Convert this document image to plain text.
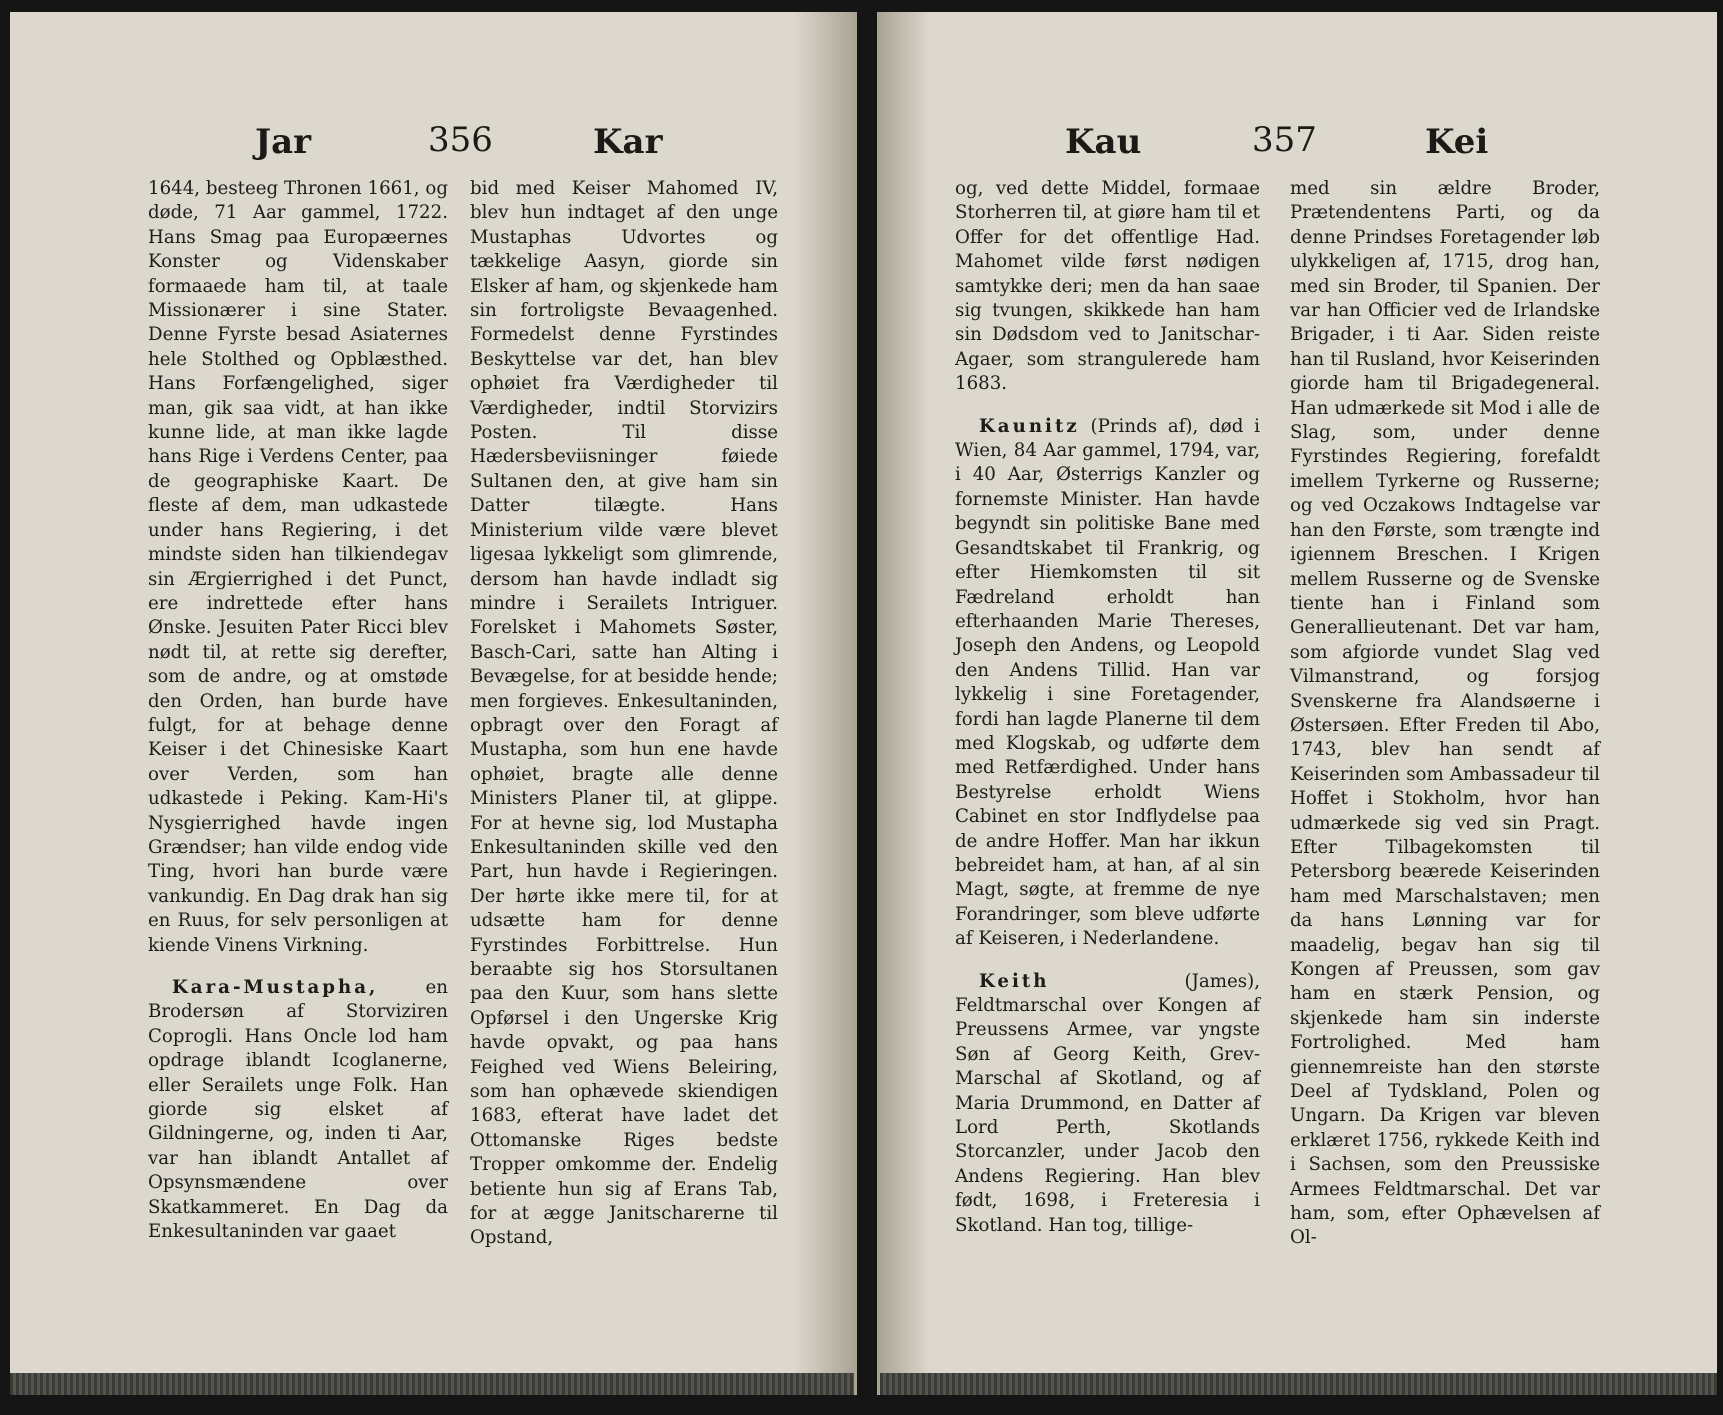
Jar	356	Kar

1644, besteeg Thronen 1661, og døde, 71 Aar gammel, 1722. Hans Smag paa Europæernes Konster og Videnskaber formaaede ham til, at taale Missionærer i sine Stater. Denne Fyrste besad Asiaternes hele Stolthed og Opblæsthed. Hans Forfængelighed, siger man, gik saa vidt, at han ikke kunne lide, at man ikke lagde hans Rige i Verdens Center, paa de geographiske Kaart. De fleste af dem, man udkastede under hans Regiering, i det mindste siden han tilkiendegav sin Ærgierrighed i det Punct, ere indrettede efter hans Ønske. Jesuiten Pater Ricci blev nødt til, at rette sig derefter, som de andre, og at omstøde den Orden, han burde have fulgt, for at behage denne Keiser i det Chinesiske Kaart over Verden, som han udkastede i Peking. Kam-Hi's Nysgierrighed havde ingen Grændser; han vilde endog vide Ting, hvori han burde være vankundig. En Dag drak han sig en Ruus, for selv personligen at kiende Vinens Virkning.

Kara-Mustapha,	en Brodersøn af Storviziren Coprogli. Hans Oncle lod ham opdrage iblandt Icoglanerne, eller Serailets unge Folk. Han giorde sig elsket af Gildningerne, og, inden ti Aar, var han iblandt Antallet af Opsynsmændene over Skatkammeret. En Dag da Enkesultaninden var gaaet

bid med Keiser Mahomed IV, blev hun indtaget af den unge Mustaphas Udvortes og tækkelige Aasyn, giorde sin Elsker af ham, og skjenkede ham sin fortroligste Bevaagenhed. Formedelst denne Fyrstindes Beskyttelse var det, han blev ophøiet fra Værdigheder til Værdigheder, indtil Storvizirs Posten. Til disse Hædersbeviisninger føiede Sultanen den, at give ham sin Datter tilægte. Hans Ministerium vilde være blevet ligesaa lykkeligt som glimrende, dersom han havde indladt sig mindre i Serailets Intriguer. Forelsket i Mahomets Søster, Basch-Cari, satte han Alting i Bevægelse, for at besidde hende; men forgieves. Enkesultaninden, opbragt over den Foragt af Mustapha, som hun ene havde ophøiet, bragte alle denne Ministers Planer til, at glippe. For at hevne sig, lod Mustapha Enkesultaninden skille ved den Part, hun havde i Regieringen. Der hørte ikke mere til, for at udsætte ham for denne Fyrstindes Forbittrelse. Hun beraabte sig hos Storsultanen paa den Kuur, som hans slette Opførsel i den Ungerske Krig havde opvakt, og paa hans Feighed ved Wiens Beleiring, som han ophævede skiendigen 1683, efterat have ladet det Ottomanske Riges bedste Tropper omkomme der. Endelig betiente hun sig af Erans Tab, for at ægge Janitscharerne til Opstand,

Kau	357	Kei

og, ved dette Middel, formaae Storherren til, at giøre ham til et Offer for det offentlige Had. Mahomet vilde først nødigen samtykke deri; men da han saae sig tvungen, skikkede han ham sin Dødsdom ved to Janitschar-Agaer, som strangulerede ham 1683.

Kaunitz (Prinds af), død i Wien, 84 Aar gammel, 1794, var, i 40 Aar, Østerrigs Kanzler og fornemste Minister. Han havde begyndt sin politiske Bane med Gesandtskabet til Frankrig, og efter Hiemkomsten til sit Fædreland erholdt han efterhaanden Marie Thereses, Joseph den Andens, og Leopold den Andens Tillid. Han var lykkelig i sine Foretagender, fordi han lagde Planerne til dem med Klogskab, og udførte dem med Retfærdighed. Under hans Bestyrelse erholdt Wiens Cabinet en stor Indflydelse paa de andre Hoffer. Man har ikkun bebreidet ham, at han, af al sin Magt, søgte, at fremme de nye Forandringer, som bleve udførte af Keiseren, i Nederlandene.

Keith	(James), Feldtmarschal over Kongen af Preussens Armee, var yngste Søn af Georg Keith, Grev-Marschal af Skotland, og af Maria Drummond, en Datter af Lord Perth, Skotlands Storcanzler, under Jacob den Andens Regiering. Han blev født, 1698, i Freteresia i Skotland. Han tog, tillige-

med sin ældre Broder, Prætendentens Parti, og da denne Prindses Foretagender løb ulykkeligen af, 1715, drog han, med sin Broder, til Spanien. Der var han Officier ved de Irlandske Brigader, i ti Aar. Siden reiste han til Rusland, hvor Keiserinden giorde ham til Brigadegeneral. Han udmærkede sit Mod i alle de Slag, som, under denne Fyrstindes Regiering, forefaldt imellem Tyrkerne og Russerne; og ved Oczakows Indtagelse var han den Første, som trængte ind igiennem Breschen. I Krigen mellem Russerne og de Svenske tiente han i Finland som Generallieutenant. Det var ham, som afgiorde vundet Slag ved Vilmanstrand, og forsjog Svenskerne fra Alandsøerne i Østersøen. Efter Freden til Abo, 1743, blev han sendt af Keiserinden som Ambassadeur til Hoffet i Stokholm, hvor han udmærkede sig ved sin Pragt. Efter Tilbagekomsten til Petersborg beærede Keiserinden ham med Marschalstaven; men da hans Lønning var for maadelig, begav han sig til Kongen af Preussen, som gav ham en stærk Pension, og skjenkede ham sin inderste Fortrolighed. Med ham giennemreiste han den største Deel af Tydskland, Polen og Ungarn. Da Krigen var bleven erklæret 1756, rykkede Keith ind i Sachsen, som den Preussiske Armees Feldtmarschal. Det var ham, som, efter Ophævelsen af Ol-
